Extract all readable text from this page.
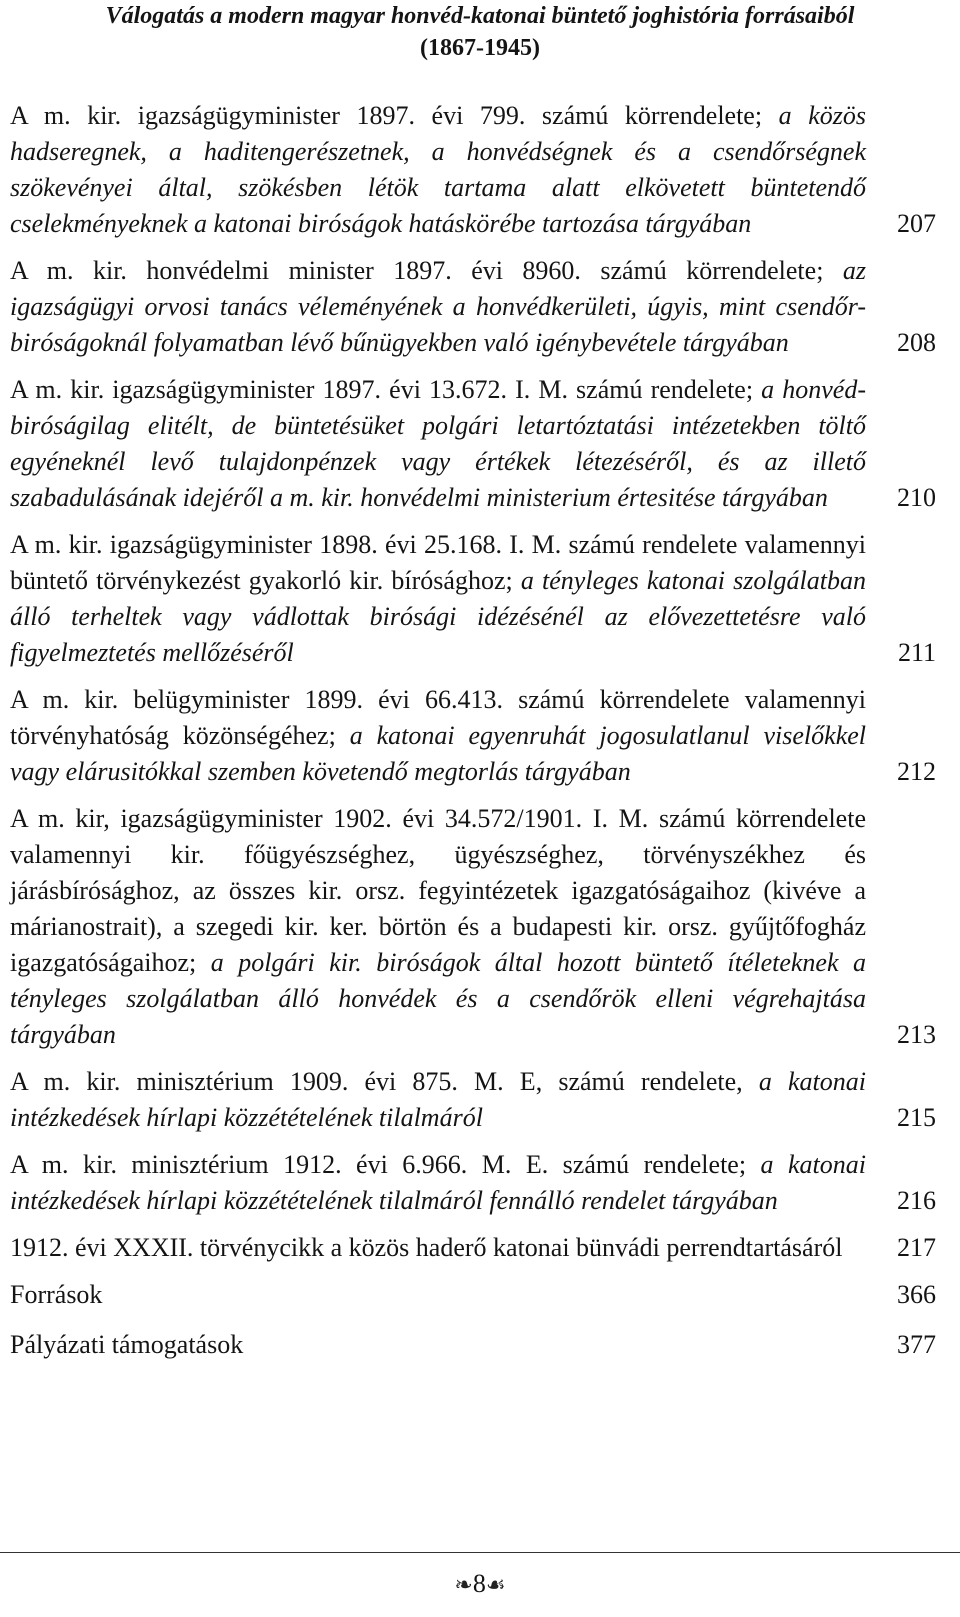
Válogatás a modern magyar honvéd-katonai büntető joghistória forrásaiból
(1867-1945)
A m. kir. igazságügyminister 1897. évi 799. számú körrendelete; a közös hadseregnek, a haditengerészetnek, a honvédségnek és a csendőrségnek szökevényei által, szökésben létök tartama alatt elkövetett büntetendő cselekményeknek a katonai biróságok hatáskörébe tartozása tárgyában	207
A m. kir. honvédelmi minister 1897. évi 8960. számú körrendelete; az igazságügyi orvosi tanács véleményének a honvédkerületi, úgyis, mint csendőr-biróságoknál folyamatban lévő bűnügyekben való igénybevétele tárgyában	208
A m. kir. igazságügyminister 1897. évi 13.672. I. M. számú rendelete; a honvéd-biróságilag elitélt, de büntetésüket polgári letartóztatási intézetekben töltő egyéneknél levő tulajdonpénzek vagy értékek létezéséről, és az illető szabadulásának idejéről a m. kir. honvédelmi ministerium értesitése tárgyában	210
A m. kir. igazságügyminister 1898. évi 25.168. I. M. számú rendelete valamennyi büntető törvénykezést gyakorló kir. bírósághoz; a tényleges katonai szolgálatban álló terheltek vagy vádlottak birósági idézésénél az elővezettetésre való figyelmeztetés mellőzéséről	211
A m. kir. belügyminister 1899. évi 66.413. számú körrendelete valamennyi törvényhatóság közönségéhez; a katonai egyenruhát jogosulatlanul viselőkkel vagy elárusitókkal szemben követendő megtorlás tárgyában	212
A m. kir, igazságügyminister 1902. évi 34.572/1901. I. M. számú körrendelete valamennyi kir. főügyészséghez, ügyészséghez, törvényszékhez és járásbírósághoz, az összes kir. orsz. fegyintézetek igazgatóságaihoz (kivéve a márianostrait), a szegedi kir. ker. börtön és a budapesti kir. orsz. gyűjtőfogház igazgatóságaihoz; a polgári kir. biróságok által hozott büntető ítéleteknek a tényleges szolgálatban álló honvédek és a csendőrök elleni végrehajtása tárgyában	213
A m. kir. minisztérium 1909. évi 875. M. E, számú rendelete, a katonai intézkedések hírlapi közzétételének tilalmáról	215
A m. kir. minisztérium 1912. évi 6.966. M. E. számú rendelete; a katonai intézkedések hírlapi közzétételének tilalmáról fennálló rendelet tárgyában	216
1912. évi XXXII. törvénycikk a közös haderő katonai bünvádi perrendtartásáról	217
Források	366
Pályázati támogatások	377
❧8☙
